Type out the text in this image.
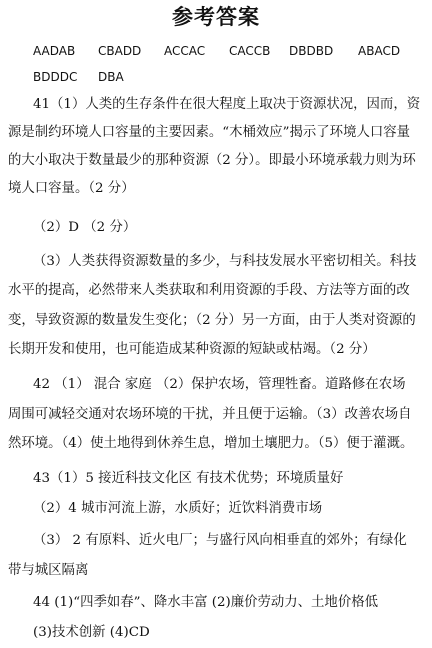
参考答案
AADAB CBADD ACCAC CACCB DBDBD ABACD
BDDDC DBA
41（1）人类的生存条件在很大程度上取决于资源状况，因而，资
源是制约环境人口容量的主要因素。“木桶效应”揭示了环境人口容量
的大小取决于数量最少的那种资源（2 分）。即最小环境承载力则为环
境人口容量。（2 分）
（2）D （2 分）
（3）人类获得资源数量的多少，与科技发展水平密切相关。科技
水平的提高，必然带来人类获取和利用资源的手段、方法等方面的改
变，导致资源的数量发生变化；（2 分）另一方面，由于人类对资源的
长期开发和使用，也可能造成某种资源的短缺或枯竭。（2 分）
42 （1） 混合 家庭 （2）保护农场，管理牲畜。道路修在农场
周围可减轻交通对农场环境的干扰，并且便于运输。（3）改善农场自
然环境。（4）使土地得到休养生息，增加土壤肥力。（5）便于灌溉。
43（1）5 接近科技文化区 有技术优势；环境质量好
（2）4 城市河流上游，水质好；近饮料消费市场
（3） 2 有原料、近火电厂；与盛行风向相垂直的郊外；有绿化
带与城区隔离
44 (1)“四季如春”、降水丰富 (2)廉价劳动力、土地价格低
(3)技术创新 (4)CD
